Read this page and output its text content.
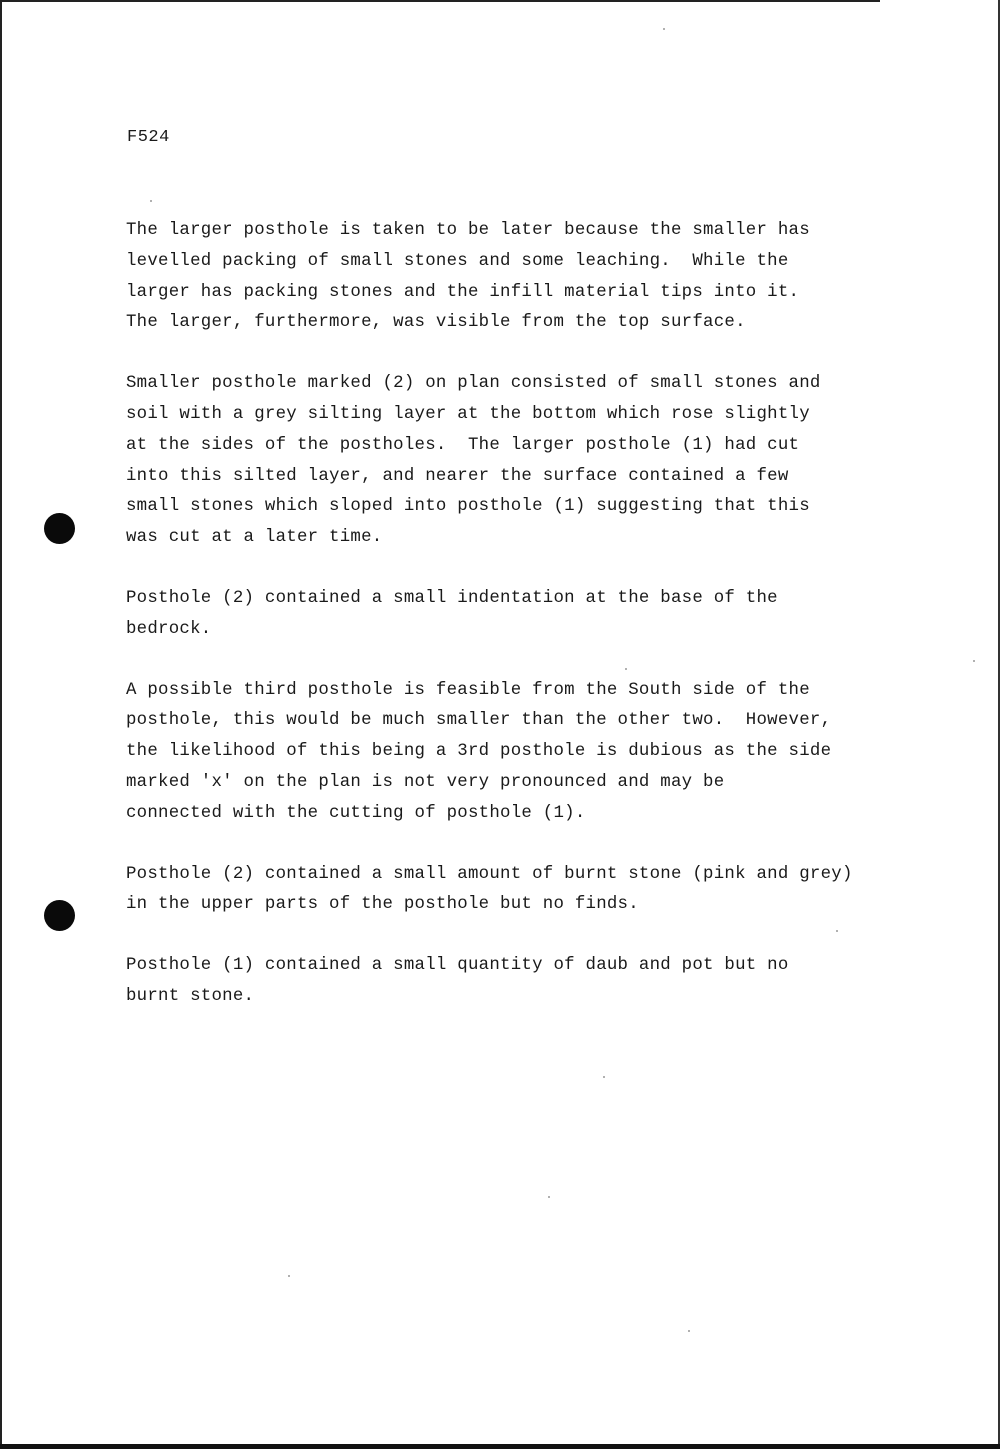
F524

The larger posthole is taken to be later because the smaller has
levelled packing of small stones and some leaching.  While the
larger has packing stones and the infill material tips into it.
The larger, furthermore, was visible from the top surface.

Smaller posthole marked (2) on plan consisted of small stones and
soil with a grey silting layer at the bottom which rose slightly
at the sides of the postholes.  The larger posthole (1) had cut
into this silted layer, and nearer the surface contained a few
small stones which sloped into posthole (1) suggesting that this
was cut at a later time.

Posthole (2) contained a small indentation at the base of the
bedrock.

A possible third posthole is feasible from the South side of the
posthole, this would be much smaller than the other two.  However,
the likelihood of this being a 3rd posthole is dubious as the side
marked 'x' on the plan is not very pronounced and may be
connected with the cutting of posthole (1).

Posthole (2) contained a small amount of burnt stone (pink and grey)
in the upper parts of the posthole but no finds.

Posthole (1) contained a small quantity of daub and pot but no
burnt stone.
